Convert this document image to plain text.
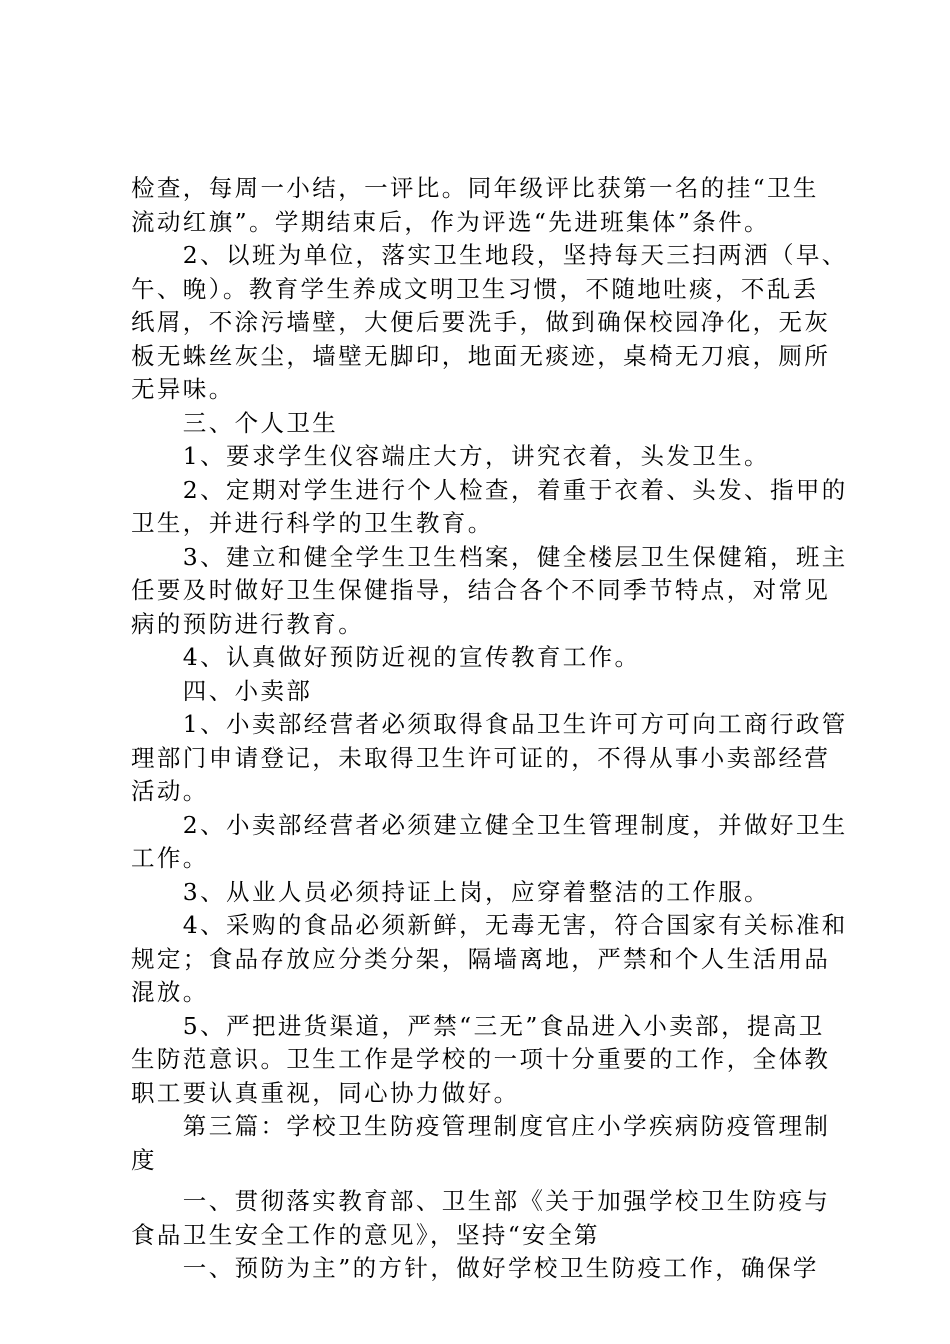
检查，每周一小结，一评比。同年级评比获第一名的挂“卫生
流动红旗”。学期结束后，作为评选“先进班集体”条件。
　　2、以班为单位，落实卫生地段，坚持每天三扫两洒（早、
午、晚）。教育学生养成文明卫生习惯，不随地吐痰，不乱丢
纸屑，不涂污墙壁，大便后要洗手，做到确保校园净化，无灰
板无蛛丝灰尘，墙壁无脚印，地面无痰迹，桌椅无刀痕，厕所
无异味。
　　三、个人卫生
　　1、要求学生仪容端庄大方，讲究衣着，头发卫生。
　　2、定期对学生进行个人检查，着重于衣着、头发、指甲的
卫生，并进行科学的卫生教育。
　　3、建立和健全学生卫生档案，健全楼层卫生保健箱，班主
任要及时做好卫生保健指导，结合各个不同季节特点，对常见
病的预防进行教育。
　　4、认真做好预防近视的宣传教育工作。
　　四、小卖部
　　1、小卖部经营者必须取得食品卫生许可方可向工商行政管
理部门申请登记，未取得卫生许可证的，不得从事小卖部经营
活动。
　　2、小卖部经营者必须建立健全卫生管理制度，并做好卫生
工作。
　　3、从业人员必须持证上岗，应穿着整洁的工作服。
　　4、采购的食品必须新鲜，无毒无害，符合国家有关标准和
规定；食品存放应分类分架，隔墙离地，严禁和个人生活用品
混放。
　　5、严把进货渠道，严禁“三无”食品进入小卖部，提高卫
生防范意识。卫生工作是学校的一项十分重要的工作，全体教
职工要认真重视，同心协力做好。
　　第三篇：学校卫生防疫管理制度官庄小学疾病防疫管理制
度
　　一、贯彻落实教育部、卫生部《关于加强学校卫生防疫与
食品卫生安全工作的意见》，坚持“安全第
　　一、预防为主”的方针，做好学校卫生防疫工作，确保学
